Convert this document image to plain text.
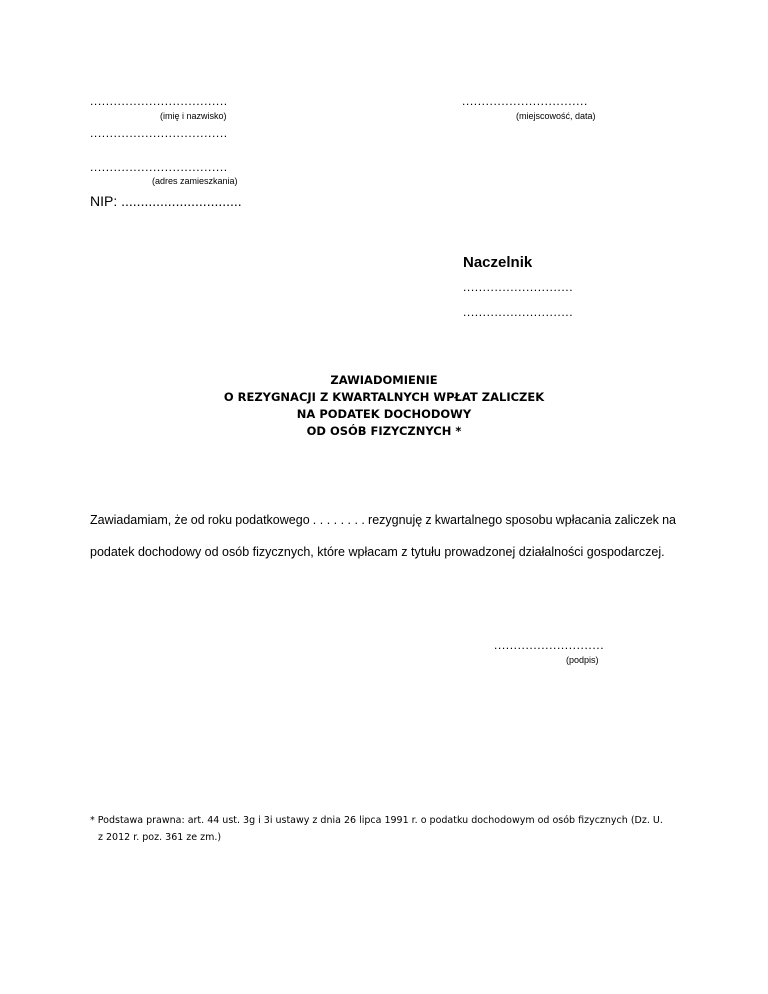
...................................
(imię i nazwisko)
...................................
...................................
(adres zamieszkania)
NIP: ...............................
................................
(miejscowość, data)
Naczelnik
............................
............................
ZAWIADOMIENIE
O REZYGNACJI Z KWARTALNYCH WPŁAT ZALICZEK
NA PODATEK DOCHODOWY
OD OSÓB FIZYCZNYCH *
Zawiadamiam, że od roku podatkowego . . . . . . . . rezygnuję z kwartalnego sposobu wpłacania zaliczek na
podatek dochodowy od osób fizycznych, które wpłacam z tytułu prowadzonej działalności gospodarczej.
............................
(podpis)
* Podstawa prawna: art. 44 ust. 3g i 3i ustawy z dnia 26 lipca 1991 r. o podatku dochodowym od osób fizycznych (Dz. U.
z 2012 r. poz. 361 ze zm.)
